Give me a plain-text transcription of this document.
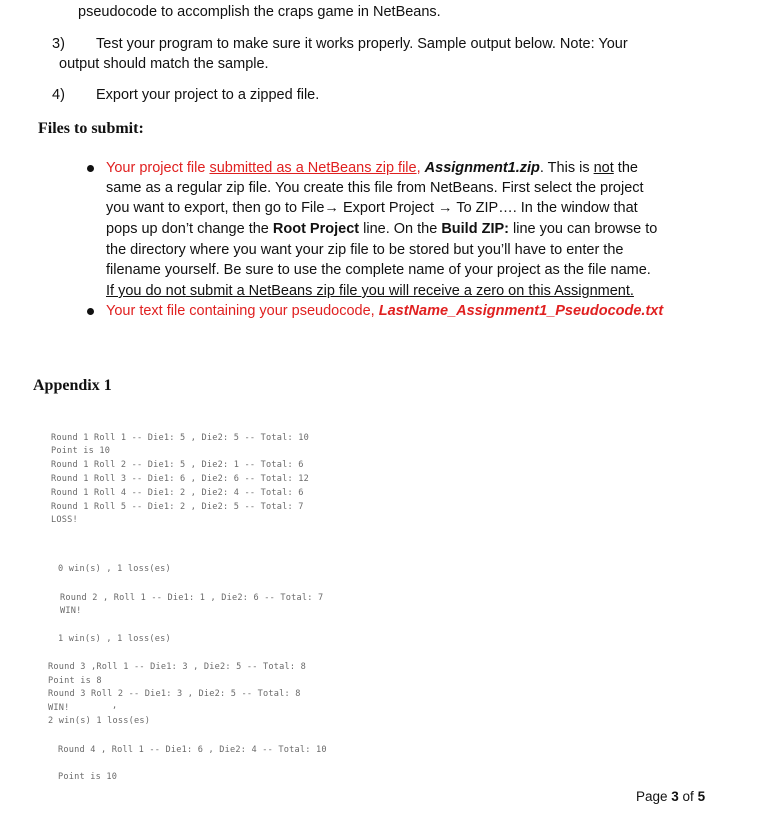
pseudocode to accomplish the craps game in NetBeans.
3) Test your program to make sure it works properly. Sample output below. Note: Your
output should match the sample.
4) Export your project to a zipped file.
Files to submit:
Your project file submitted as a NetBeans zip file, Assignment1.zip. This is not the
same as a regular zip file. You create this file from NetBeans. First select the project
you want to export, then go to File→ Export Project → To ZIP…. In the window that
pops up don’t change the Root Project line. On the Build ZIP: line you can browse to
the directory where you want your zip file to be stored but you’ll have to enter the
filename yourself. Be sure to use the complete name of your project as the file name.
If you do not submit a NetBeans zip file you will receive a zero on this Assignment.
Your text file containing your pseudocode, LastName_Assignment1_Pseudocode.txt
Appendix 1
Round 1 Roll 1 -- Die1: 5 , Die2: 5 -- Total: 10
Point is 10
Round 1 Roll 2 -- Die1: 5 , Die2: 1 -- Total: 6
Round 1 Roll 3 -- Die1: 6 , Die2: 6 -- Total: 12
Round 1 Roll 4 -- Die1: 2 , Die2: 4 -- Total: 6
Round 1 Roll 5 -- Die1: 2 , Die2: 5 -- Total: 7
LOSS!
0 win(s) , 1 loss(es)
Round 2 , Roll 1 -- Die1: 1 , Die2: 6 -- Total: 7
WIN!
1 win(s) , 1 loss(es)
Round 3 ,Roll 1 -- Die1: 3 , Die2: 5 -- Total: 8
Point is 8
Round 3 Roll 2 -- Die1: 3 , Die2: 5 -- Total: 8
WIN!	,
2 win(s) 1 loss(es)
Round 4 , Roll 1 -- Die1: 6 , Die2: 4 -- Total: 10
Point is 10
Page 3 of 5
